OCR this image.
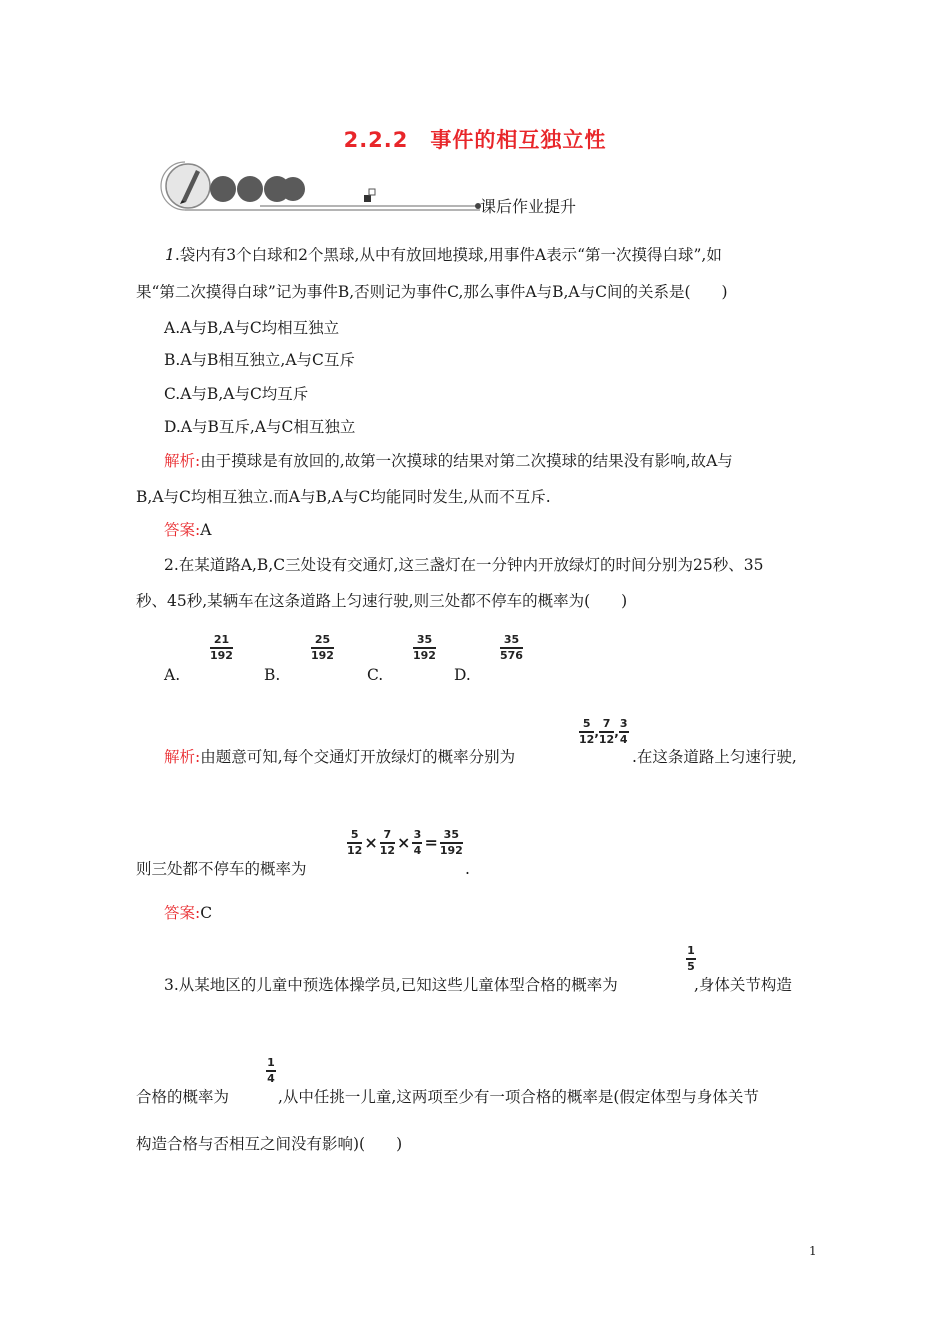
2.2.2　事件的相互独立性
课后作业提升
1.袋内有3个白球和2个黑球,从中有放回地摸球,用事件A表示“第一次摸得白球”,如
果“第二次摸得白球”记为事件B,否则记为事件C,那么事件A与B,A与C间的关系是(　　)
A.A与B,A与C均相互独立
B.A与B相互独立,A与C互斥
C.A与B,A与C均互斥
D.A与B互斥,A与C相互独立
解析:由于摸球是有放回的,故第一次摸球的结果对第二次摸球的结果没有影响,故A与
B,A与C均相互独立.而A与B,A与C均能同时发生,从而不互斥.
答案:A
2.在某道路A,B,C三处设有交通灯,这三盏灯在一分钟内开放绿灯的时间分别为25秒、35
秒、45秒,某辆车在这条道路上匀速行驶,则三处都不停车的概率为(　　)
A.
$\frac{21}{192}$
B.
$\frac{25}{192}$
C.
$\frac{35}{192}$
D.
$\frac{35}{576}$
解析:由题意可知,每个交通灯开放绿灯的概率分别为
$\frac{5}{12}$ , $\frac{7}{12}$ , $\frac{3}{4}$
.在这条道路上匀速行驶,
则三处都不停车的概率为
$\frac{5}{12} \times \frac{7}{12} \times \frac{3}{4} = \frac{35}{192}$
.
答案:C
3.从某地区的儿童中预选体操学员,已知这些儿童体型合格的概率为
$\frac{1}{5}$
,身体关节构造
合格的概率为
$\frac{1}{4}$
,从中任挑一儿童,这两项至少有一项合格的概率是(假定体型与身体关节
构造合格与否相互之间没有影响)(　　)
1
